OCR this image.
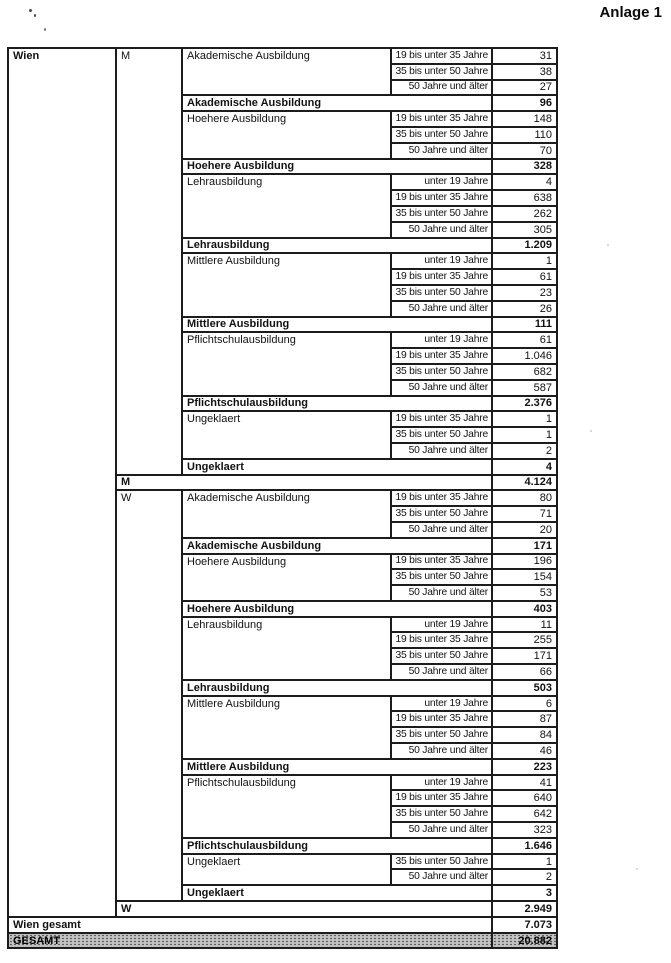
Anlage 1
Wien	M	Akademische Ausbildung	19 bis unter 35 Jahre	31
			35 bis unter 50 Jahre	38
			50 Jahre und älter	27
		Akademische Ausbildung		96
		Hoehere Ausbildung	19 bis unter 35 Jahre	148
			35 bis unter 50 Jahre	110
			50 Jahre und älter	70
		Hoehere Ausbildung		328
		Lehrausbildung	unter 19 Jahre	4
			19 bis unter 35 Jahre	638
			35 bis unter 50 Jahre	262
			50 Jahre und älter	305
		Lehrausbildung		1.209
		Mittlere Ausbildung	unter 19 Jahre	1
			19 bis unter 35 Jahre	61
			35 bis unter 50 Jahre	23
			50 Jahre und älter	26
		Mittlere Ausbildung		111
		Pflichtschulausbildung	unter 19 Jahre	61
			19 bis unter 35 Jahre	1.046
			35 bis unter 50 Jahre	682
			50 Jahre und älter	587
		Pflichtschulausbildung		2.376
		Ungeklaert	19 bis unter 35 Jahre	1
			35 bis unter 50 Jahre	1
			50 Jahre und älter	2
		Ungeklaert		4
	M			4.124
	W	Akademische Ausbildung	19 bis unter 35 Jahre	80
			35 bis unter 50 Jahre	71
			50 Jahre und älter	20
		Akademische Ausbildung		171
		Hoehere Ausbildung	19 bis unter 35 Jahre	196
			35 bis unter 50 Jahre	154
			50 Jahre und älter	53
		Hoehere Ausbildung		403
		Lehrausbildung	unter 19 Jahre	11
			19 bis unter 35 Jahre	255
			35 bis unter 50 Jahre	171
			50 Jahre und älter	66
		Lehrausbildung		503
		Mittlere Ausbildung	unter 19 Jahre	6
			19 bis unter 35 Jahre	87
			35 bis unter 50 Jahre	84
			50 Jahre und älter	46
		Mittlere Ausbildung		223
		Pflichtschulausbildung	unter 19 Jahre	41
			19 bis unter 35 Jahre	640
			35 bis unter 50 Jahre	642
			50 Jahre und älter	323
		Pflichtschulausbildung		1.646
		Ungeklaert	35 bis unter 50 Jahre	1
			50 Jahre und älter	2
		Ungeklaert		3
	W			2.949
Wien gesamt				7.073
GESAMT				20.882
